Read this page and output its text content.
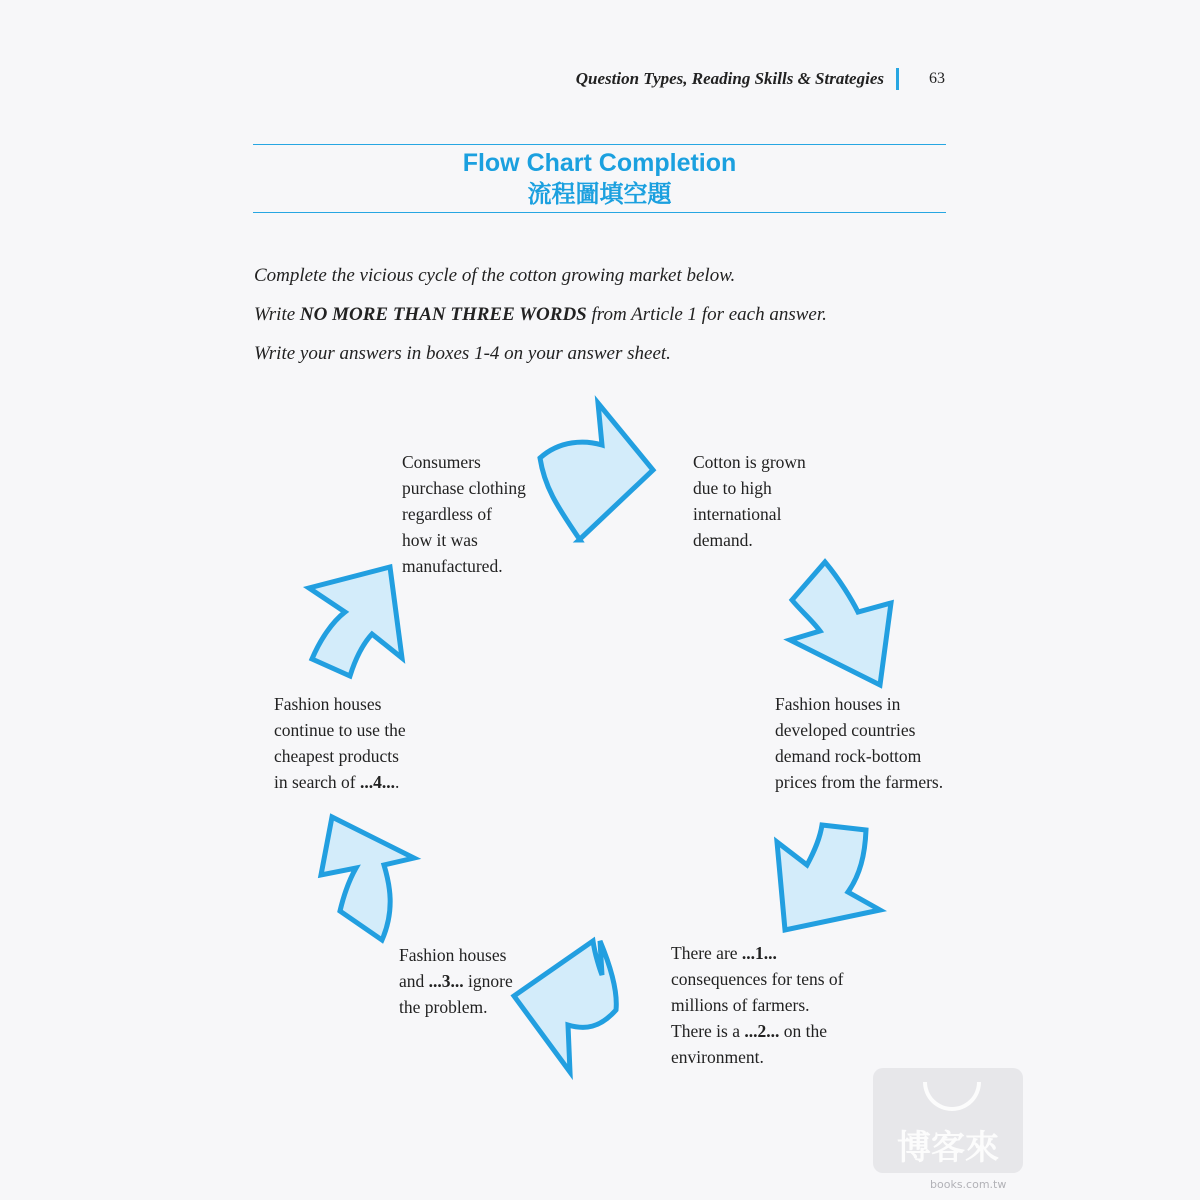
Question Types, Reading Skills & Strategies	63
Flow Chart Completion
流程圖填空題

Complete the vicious cycle of the cotton growing market below.

Write NO MORE THAN THREE WORDS from Article 1 for each answer.

Write your answers in boxes 1-4 on your answer sheet.

Consumers
purchase clothing
regardless of
how it was
manufactured.
Cotton is grown
due to high
international
demand.
Fashion houses in
developed countries
demand rock-bottom
prices from the farmers.
There are ...1...
consequences for tens of
millions of farmers.
There is a ...2... on the
environment.
Fashion houses
and ...3... ignore
the problem.
Fashion houses
continue to use the
cheapest products
in search of ...4....
博客來
books.com.tw
